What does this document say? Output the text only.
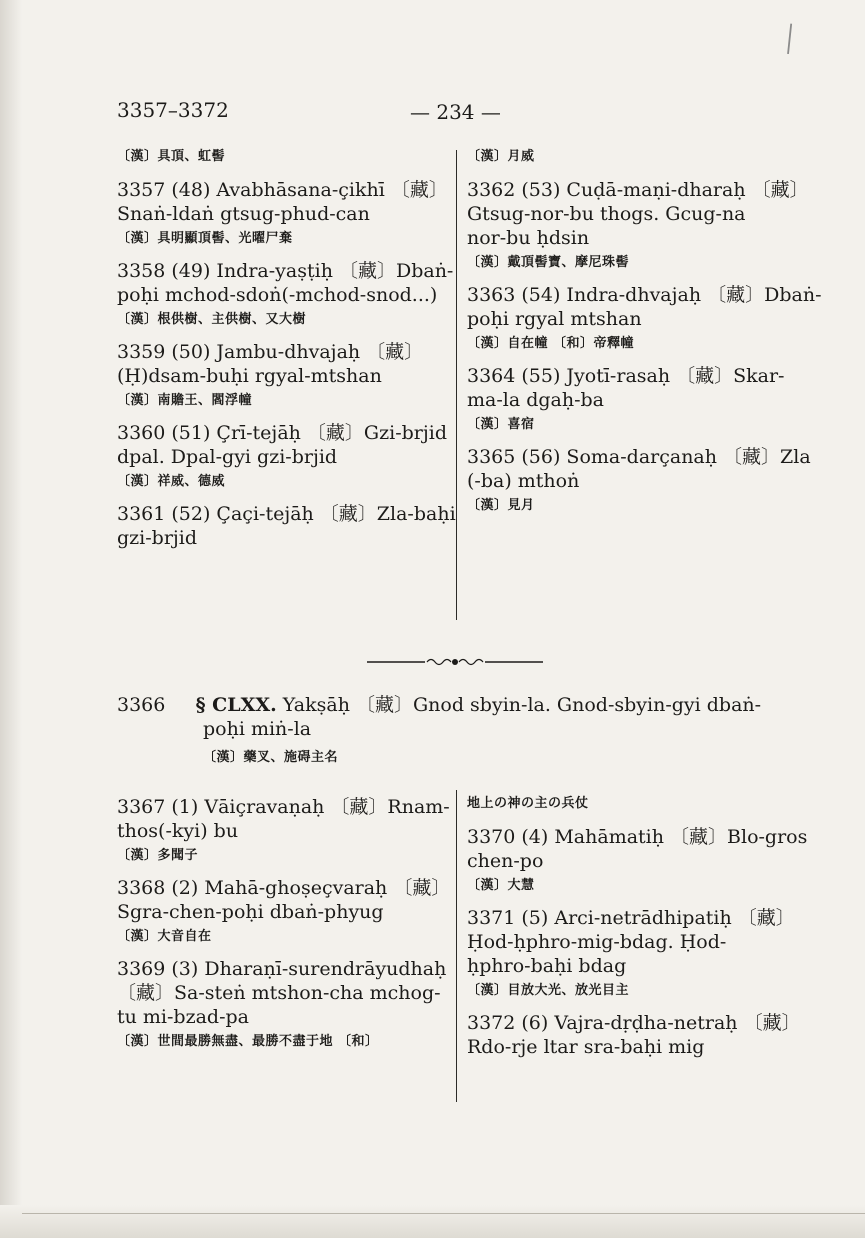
l
3357–3372	— 234 —
〔漢〕具頂、虹髻
3357 (48) Avabhāsana-çikhī 〔藏〕
Snaṅ-ldaṅ gtsug-phud-can
〔漢〕具明顯頂髻、光曜尸棄
3358 (49) Indra-yaṣṭiḥ 〔藏〕Dbaṅ-
poḥi mchod-sdoṅ(-mchod-snod...)
〔漢〕根供樹、主供樹、又大樹
3359 (50) Jambu-dhvajaḥ 〔藏〕
(Ḥ)dsam-buḥi rgyal-mtshan
〔漢〕南贍王、閻浮幢
3360 (51) Çrī-tejāḥ 〔藏〕Gzi-brjid
dpal. Dpal-gyi gzi-brjid
〔漢〕祥威、德威
3361 (52) Çaçi-tejāḥ 〔藏〕Zla-baḥi
gzi-brjid
〔漢〕月威
3362 (53) Cuḍā-maṇi-dharaḥ 〔藏〕
Gtsug-nor-bu thogs. Gcug-na
nor-bu ḥdsin
〔漢〕戴頂髻寶、摩尼珠髻
3363 (54) Indra-dhvajaḥ 〔藏〕Dbaṅ-
poḥi rgyal mtshan
〔漢〕自在幢 〔和〕帝釋幢
3364 (55) Jyotī-rasaḥ 〔藏〕Skar-
ma-la dgaḥ-ba
〔漢〕喜宿
3365 (56) Soma-darçanaḥ 〔藏〕Zla
(-ba) mthoṅ
〔漢〕見月
3366 § CLXX. Yakṣāḥ 〔藏〕Gnod sbyin-la. Gnod-sbyin-gyi dbaṅ-
poḥi miṅ-la
〔漢〕藥叉、施碍主名
3367 (1) Vāiçravaṇaḥ 〔藏〕Rnam-
thos(-kyi) bu
〔漢〕多聞子
3368 (2) Mahā-ghoṣeçvaraḥ 〔藏〕
Sgra-chen-poḥi dbaṅ-phyug
〔漢〕大音自在
3369 (3) Dharaṇī-surendrāyudhaḥ
〔藏〕Sa-steṅ mtshon-cha mchog-
tu mi-bzad-pa
〔漢〕世間最勝無盡、最勝不盡于地 〔和〕
地上の神の主の兵仗
3370 (4) Mahāmatiḥ 〔藏〕Blo-gros
chen-po
〔漢〕大慧
3371 (5) Arci-netrādhipatiḥ 〔藏〕
Ḥod-ḥphro-mig-bdag. Ḥod-
ḥphro-baḥi bdag
〔漢〕目放大光、放光目主
3372 (6) Vajra-dṛḍha-netraḥ 〔藏〕
Rdo-rje ltar sra-baḥi mig
